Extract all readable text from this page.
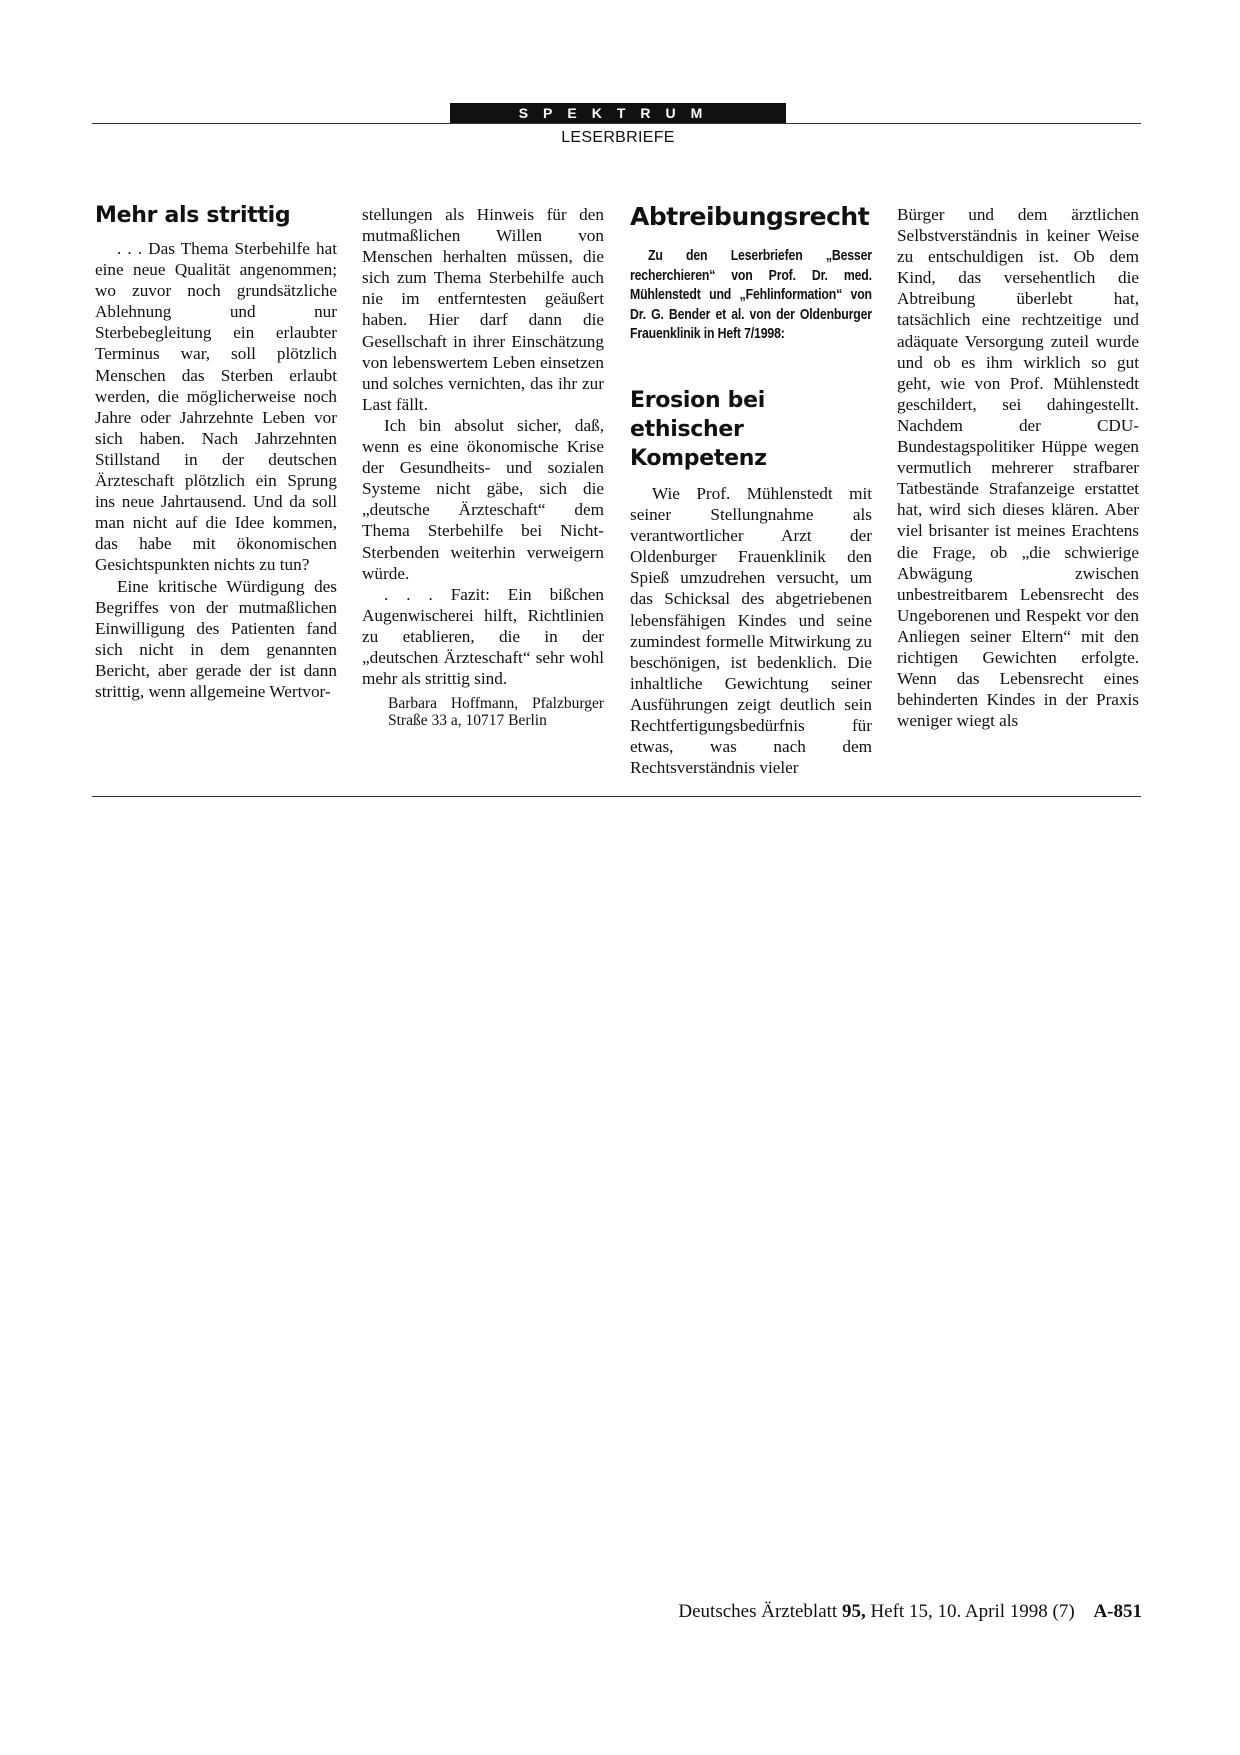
SPEKTRUM
LESERBRIEFE
Mehr als strittig

. . . Das Thema Sterbehilfe hat eine neue Qualität angenommen; wo zuvor noch grundsätzliche Ablehnung und nur Sterbebegleitung ein erlaubter Terminus war, soll plötzlich Menschen das Sterben erlaubt werden, die möglicherweise noch Jahre oder Jahrzehnte Leben vor sich haben. Nach Jahrzehnten Stillstand in der deutschen Ärzteschaft plötzlich ein Sprung ins neue Jahrtausend. Und da soll man nicht auf die Idee kommen, das habe mit ökonomischen Gesichtspunkten nichts zu tun?

Eine kritische Würdigung des Begriffes von der mutmaßlichen Einwilligung des Patienten fand sich nicht in dem genannten Bericht, aber gerade der ist dann strittig, wenn allgemeine Wertvor-

stellungen als Hinweis für den mutmaßlichen Willen von Menschen herhalten müssen, die sich zum Thema Sterbehilfe auch nie im entferntesten geäußert haben. Hier darf dann die Gesellschaft in ihrer Einschätzung von lebenswertem Leben einsetzen und solches vernichten, das ihr zur Last fällt.

Ich bin absolut sicher, daß, wenn es eine ökonomische Krise der Gesundheits- und sozialen Systeme nicht gäbe, sich die „deutsche Ärzteschaft“ dem Thema Sterbehilfe bei Nicht-Sterbenden weiterhin verweigern würde.

. . . Fazit: Ein bißchen Augenwischerei hilft, Richtlinien zu etablieren, die in der „deutschen Ärzteschaft“ sehr wohl mehr als strittig sind.

Barbara Hoffmann, Pfalzburger Straße 33 a, 10717 Berlin

Abtreibungsrecht

Zu den Leserbriefen „Besser recherchieren“ von Prof. Dr. med. Mühlenstedt und „Fehlinformation“ von Dr. G. Bender et al. von der Oldenburger Frauenklinik in Heft 7/1998:

Erosion bei ethischer Kompetenz

Wie Prof. Mühlenstedt mit seiner Stellungnahme als verantwortlicher Arzt der Oldenburger Frauenklinik den Spieß umzudrehen versucht, um das Schicksal des abgetriebenen lebensfähigen Kindes und seine zumindest formelle Mitwirkung zu beschönigen, ist bedenklich. Die inhaltliche Gewichtung seiner Ausführungen zeigt deutlich sein Rechtfertigungsbedürfnis für etwas, was nach dem Rechtsverständnis vieler

Bürger und dem ärztlichen Selbstverständnis in keiner Weise zu entschuldigen ist. Ob dem Kind, das versehentlich die Abtreibung überlebt hat, tatsächlich eine rechtzeitige und adäquate Versorgung zuteil wurde und ob es ihm wirklich so gut geht, wie von Prof. Mühlenstedt geschildert, sei dahingestellt. Nachdem der CDU-Bundestagspolitiker Hüppe wegen vermutlich mehrerer strafbarer Tatbestände Strafanzeige erstattet hat, wird sich dieses klären. Aber viel brisanter ist meines Erachtens die Frage, ob „die schwierige Abwägung zwischen unbestreitbarem Lebensrecht des Ungeborenen und Respekt vor den Anliegen seiner Eltern“ mit den richtigen Gewichten erfolgte. Wenn das Lebensrecht eines behinderten Kindes in der Praxis weniger wiegt als

Deutsches Ärzteblatt 95, Heft 15, 10. April 1998 (7) A-851
